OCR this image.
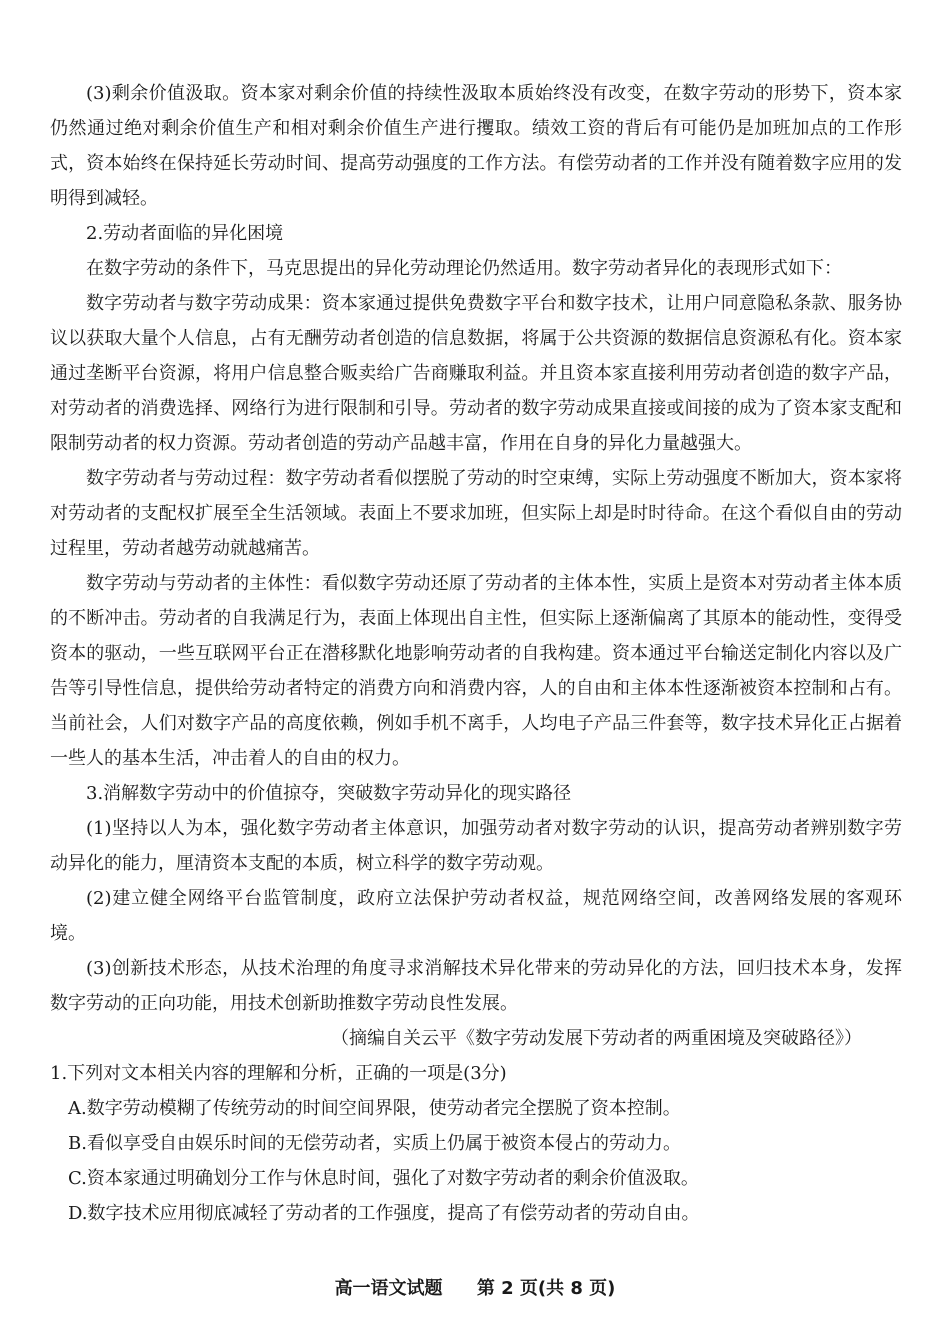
(3)剩余价值汲取。资本家对剩余价值的持续性汲取本质始终没有改变，在数字劳动的形势下，资本家仍然通过绝对剩余价值生产和相对剩余价值生产进行攫取。绩效工资的背后有可能仍是加班加点的工作形式，资本始终在保持延长劳动时间、提高劳动强度的工作方法。有偿劳动者的工作并没有随着数字应用的发明得到减轻。

2.劳动者面临的异化困境

在数字劳动的条件下，马克思提出的异化劳动理论仍然适用。数字劳动者异化的表现形式如下：

数字劳动者与数字劳动成果：资本家通过提供免费数字平台和数字技术，让用户同意隐私条款、服务协议以获取大量个人信息，占有无酬劳动者创造的信息数据，将属于公共资源的数据信息资源私有化。资本家通过垄断平台资源，将用户信息整合贩卖给广告商赚取利益。并且资本家直接利用劳动者创造的数字产品，对劳动者的消费选择、网络行为进行限制和引导。劳动者的数字劳动成果直接或间接的成为了资本家支配和限制劳动者的权力资源。劳动者创造的劳动产品越丰富，作用在自身的异化力量越强大。

数字劳动者与劳动过程：数字劳动者看似摆脱了劳动的时空束缚，实际上劳动强度不断加大，资本家将对劳动者的支配权扩展至全生活领域。表面上不要求加班，但实际上却是时时待命。在这个看似自由的劳动过程里，劳动者越劳动就越痛苦。

数字劳动与劳动者的主体性：看似数字劳动还原了劳动者的主体本性，实质上是资本对劳动者主体本质的不断冲击。劳动者的自我满足行为，表面上体现出自主性，但实际上逐渐偏离了其原本的能动性，变得受资本的驱动，一些互联网平台正在潜移默化地影响劳动者的自我构建。资本通过平台输送定制化内容以及广告等引导性信息，提供给劳动者特定的消费方向和消费内容，人的自由和主体本性逐渐被资本控制和占有。当前社会，人们对数字产品的高度依赖，例如手机不离手，人均电子产品三件套等，数字技术异化正占据着一些人的基本生活，冲击着人的自由的权力。

3.消解数字劳动中的价值掠夺，突破数字劳动异化的现实路径

(1)坚持以人为本，强化数字劳动者主体意识，加强劳动者对数字劳动的认识，提高劳动者辨别数字劳动异化的能力，厘清资本支配的本质，树立科学的数字劳动观。

(2)建立健全网络平台监管制度，政府立法保护劳动者权益，规范网络空间，改善网络发展的客观环境。

(3)创新技术形态，从技术治理的角度寻求消解技术异化带来的劳动异化的方法，回归技术本身，发挥数字劳动的正向功能，用技术创新助推数字劳动良性发展。

（摘编自关云平《数字劳动发展下劳动者的两重困境及突破路径》）

1.下列对文本相关内容的理解和分析，正确的一项是(3分)

A.数字劳动模糊了传统劳动的时间空间界限，使劳动者完全摆脱了资本控制。

B.看似享受自由娱乐时间的无偿劳动者，实质上仍属于被资本侵占的劳动力。

C.资本家通过明确划分工作与休息时间，强化了对数字劳动者的剩余价值汲取。

D.数字技术应用彻底减轻了劳动者的工作强度，提高了有偿劳动者的劳动自由。

高一语文试题 第 2 页(共 8 页)
